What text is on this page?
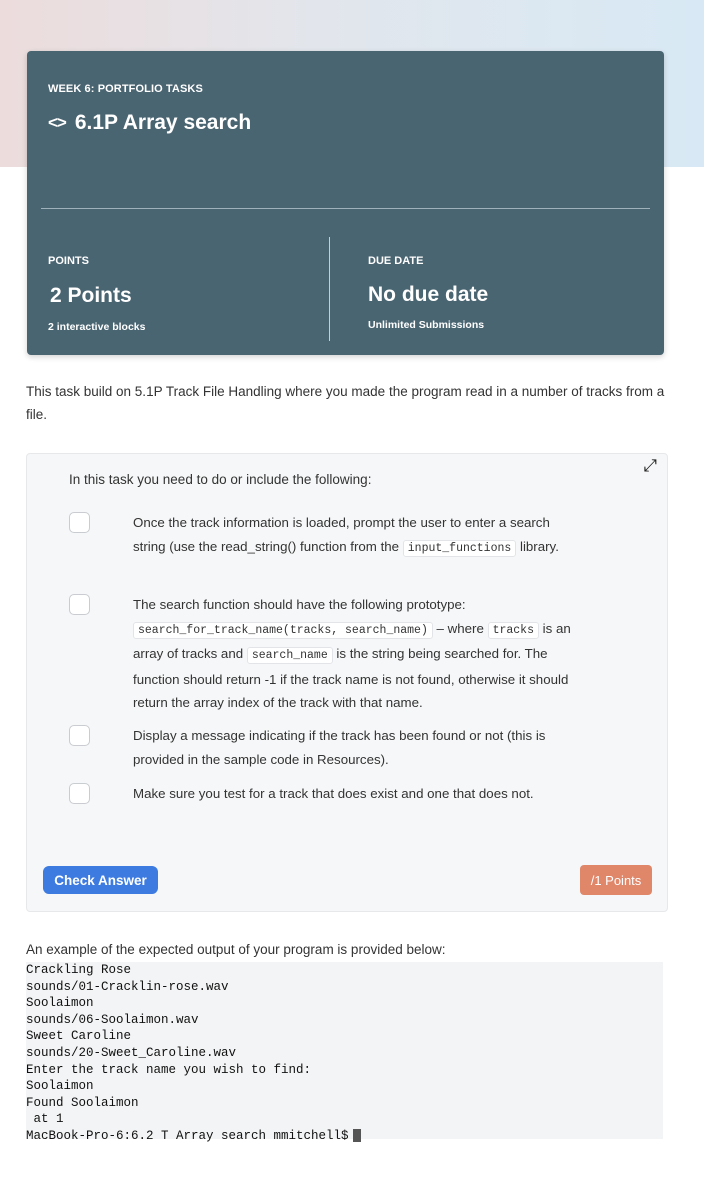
WEEK 6: PORTFOLIO TASKS
<> 6.1P Array search
POINTS
2 Points
2 interactive blocks
DUE DATE
No due date
Unlimited Submissions
This task build on 5.1P Track File Handling where you made the program read in a number of tracks from a file.
⤢
In this task you need to do or include the following:
Once the track information is loaded, prompt the user to enter a search string (use the read_string() function from the input_functions library.
The search function should have the following prototype: search_for_track_name(tracks, search_name) – where tracks is an array of tracks and search_name is the string being searched for. The function should return -1 if the track name is not found, otherwise it should return the array index of the track with that name.
Display a message indicating if the track has been found or not (this is provided in the sample code in Resources).
Make sure you test for a track that does exist and one that does not.
Check Answer	/1 Points
An example of the expected output of your program is provided below:
Crackling Rose
sounds/01-Cracklin-rose.wav
Soolaimon
sounds/06-Soolaimon.wav
Sweet Caroline
sounds/20-Sweet_Caroline.wav
Enter the track name you wish to find:
Soolaimon
Found Soolaimon
at 1
MacBook-Pro-6:6.2 T Array search mmitchell$
